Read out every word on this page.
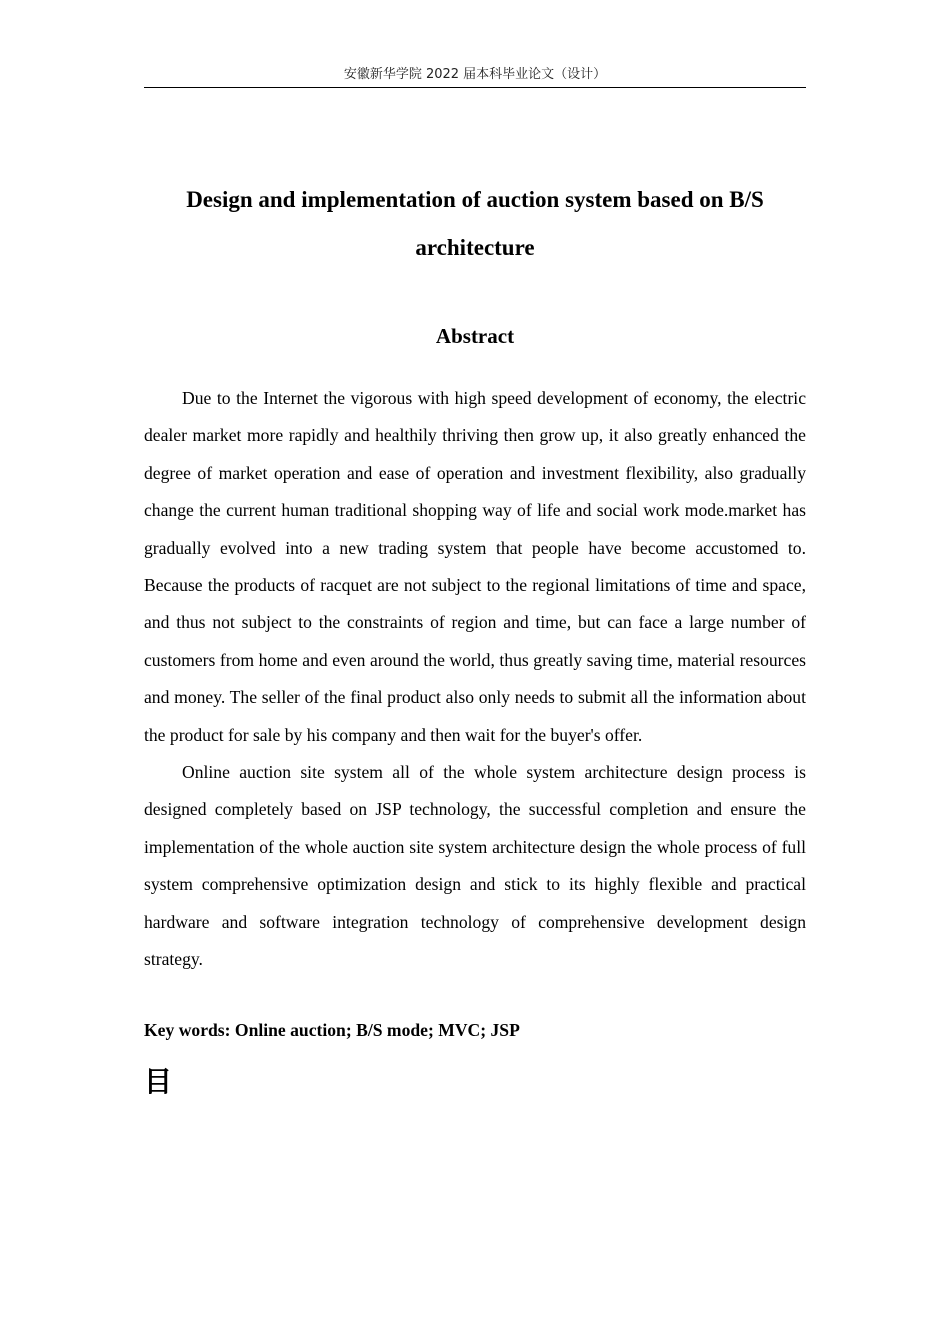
安徽新华学院 2022 届本科毕业论文（设计）
Design and implementation of auction system based on B/S
architecture
Abstract

Due to the Internet the vigorous with high speed development of economy, the electric dealer market more rapidly and healthily thriving then grow up, it also greatly enhanced the degree of market operation and ease of operation and investment flexibility, also gradually change the current human traditional shopping way of life and social work mode.market has gradually evolved into a new trading system that people have become accustomed to. Because the products of racquet are not subject to the regional limitations of time and space, and thus not subject to the constraints of region and time, but can face a large number of customers from home and even around the world, thus greatly saving time, material resources and money. The seller of the final product also only needs to submit all the information about the product for sale by his company and then wait for the buyer's offer.

Online auction site system all of the whole system architecture design process is designed completely based on JSP technology, the successful completion and ensure the implementation of the whole auction site system architecture design the whole process of full system comprehensive optimization design and stick to its highly flexible and practical hardware and software integration technology of comprehensive development design strategy.

Key words: Online auction; B/S mode; MVC; JSP
目
